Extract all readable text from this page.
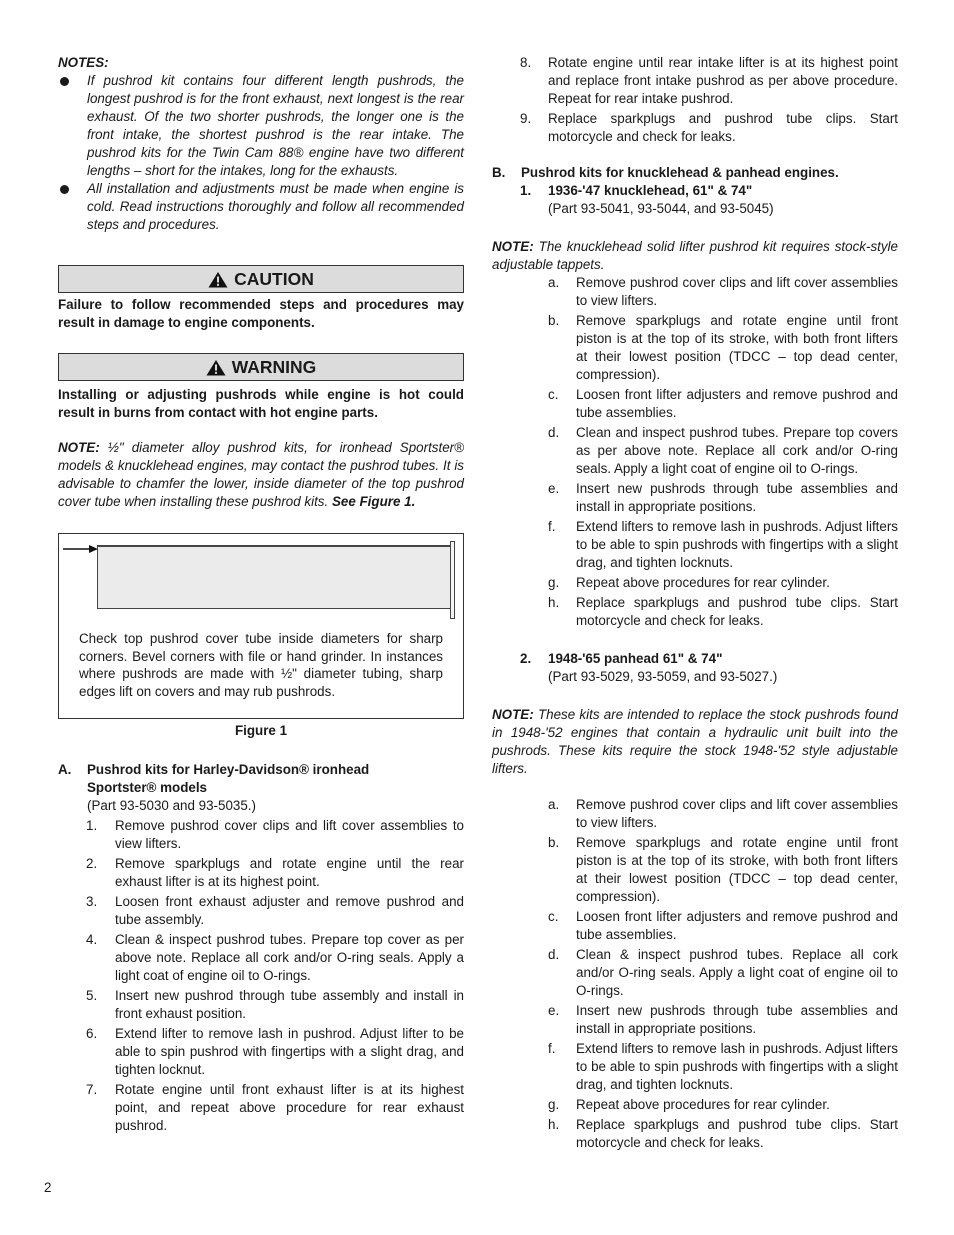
NOTES:
If pushrod kit contains four different length pushrods, the longest pushrod is for the front exhaust, next longest is the rear exhaust. Of the two shorter pushrods, the longer one is the front intake, the shortest pushrod is the rear intake. The pushrod kits for the Twin Cam 88® engine have two different lengths – short for the intakes, long for the exhausts.
All installation and adjustments must be made when engine is cold. Read instructions thoroughly and follow all recommended steps and procedures.
CAUTION
Failure to follow recommended steps and procedures may result in damage to engine components.
WARNING
Installing or adjusting pushrods while engine is hot could result in burns from contact with hot engine parts.
NOTE: ½" diameter alloy pushrod kits, for ironhead Sportster® models & knucklehead engines, may contact the pushrod tubes. It is advisable to chamfer the lower, inside diameter of the top pushrod cover tube when installing these pushrod kits. See Figure 1.
Check top pushrod cover tube inside diameters for sharp corners. Bevel corners with file or hand grinder. In instances where pushrods are made with ½" diameter tubing, sharp edges lift on covers and may rub pushrods.
Figure 1
A. Pushrod kits for Harley-Davidson® ironhead
Sportster® models
(Part 93-5030 and 93-5035.)
1. Remove pushrod cover clips and lift cover assemblies to view lifters.
2. Remove sparkplugs and rotate engine until the rear exhaust lifter is at its highest point.
3. Loosen front exhaust adjuster and remove pushrod and tube assembly.
4. Clean & inspect pushrod tubes. Prepare top cover as per above note. Replace all cork and/or O-ring seals. Apply a light coat of engine oil to O-rings.
5. Insert new pushrod through tube assembly and install in front exhaust position.
6. Extend lifter to remove lash in pushrod. Adjust lifter to be able to spin pushrod with fingertips with a slight drag, and tighten locknut.
7. Rotate engine until front exhaust lifter is at its highest point, and repeat above procedure for rear exhaust pushrod.
8. Rotate engine until rear intake lifter is at its highest point and replace front intake pushrod as per above procedure. Repeat for rear intake pushrod.
9. Replace sparkplugs and pushrod tube clips. Start motorcycle and check for leaks.
B. Pushrod kits for knucklehead & panhead engines.
1. 1936-'47 knucklehead, 61" & 74"
(Part 93-5041, 93-5044, and 93-5045)
NOTE: The knucklehead solid lifter pushrod kit requires stock-style adjustable tappets.
a. Remove pushrod cover clips and lift cover assemblies to view lifters.
b. Remove sparkplugs and rotate engine until front piston is at the top of its stroke, with both front lifters at their lowest position (TDCC – top dead center, compression).
c. Loosen front lifter adjusters and remove pushrod and tube assemblies.
d. Clean and inspect pushrod tubes. Prepare top covers as per above note. Replace all cork and/or O-ring seals. Apply a light coat of engine oil to O-rings.
e. Insert new pushrods through tube assemblies and install in appropriate positions.
f. Extend lifters to remove lash in pushrods. Adjust lifters to be able to spin pushrods with fingertips with a slight drag, and tighten locknuts.
g. Repeat above procedures for rear cylinder.
h. Replace sparkplugs and pushrod tube clips. Start motorcycle and check for leaks.
2. 1948-'65 panhead 61" & 74"
(Part 93-5029, 93-5059, and 93-5027.)
NOTE: These kits are intended to replace the stock pushrods found in 1948-'52 engines that contain a hydraulic unit built into the pushrods. These kits require the stock 1948-'52 style adjustable lifters.
a. Remove pushrod cover clips and lift cover assemblies to view lifters.
b. Remove sparkplugs and rotate engine until front piston is at the top of its stroke, with both front lifters at their lowest position (TDCC – top dead center, compression).
c. Loosen front lifter adjusters and remove pushrod and tube assemblies.
d. Clean & inspect pushrod tubes. Replace all cork and/or O-ring seals. Apply a light coat of engine oil to O-rings.
e. Insert new pushrods through tube assemblies and install in appropriate positions.
f. Extend lifters to remove lash in pushrods. Adjust lifters to be able to spin pushrods with fingertips with a slight drag, and tighten locknuts.
g. Repeat above procedures for rear cylinder.
h. Replace sparkplugs and pushrod tube clips. Start motorcycle and check for leaks.
2
